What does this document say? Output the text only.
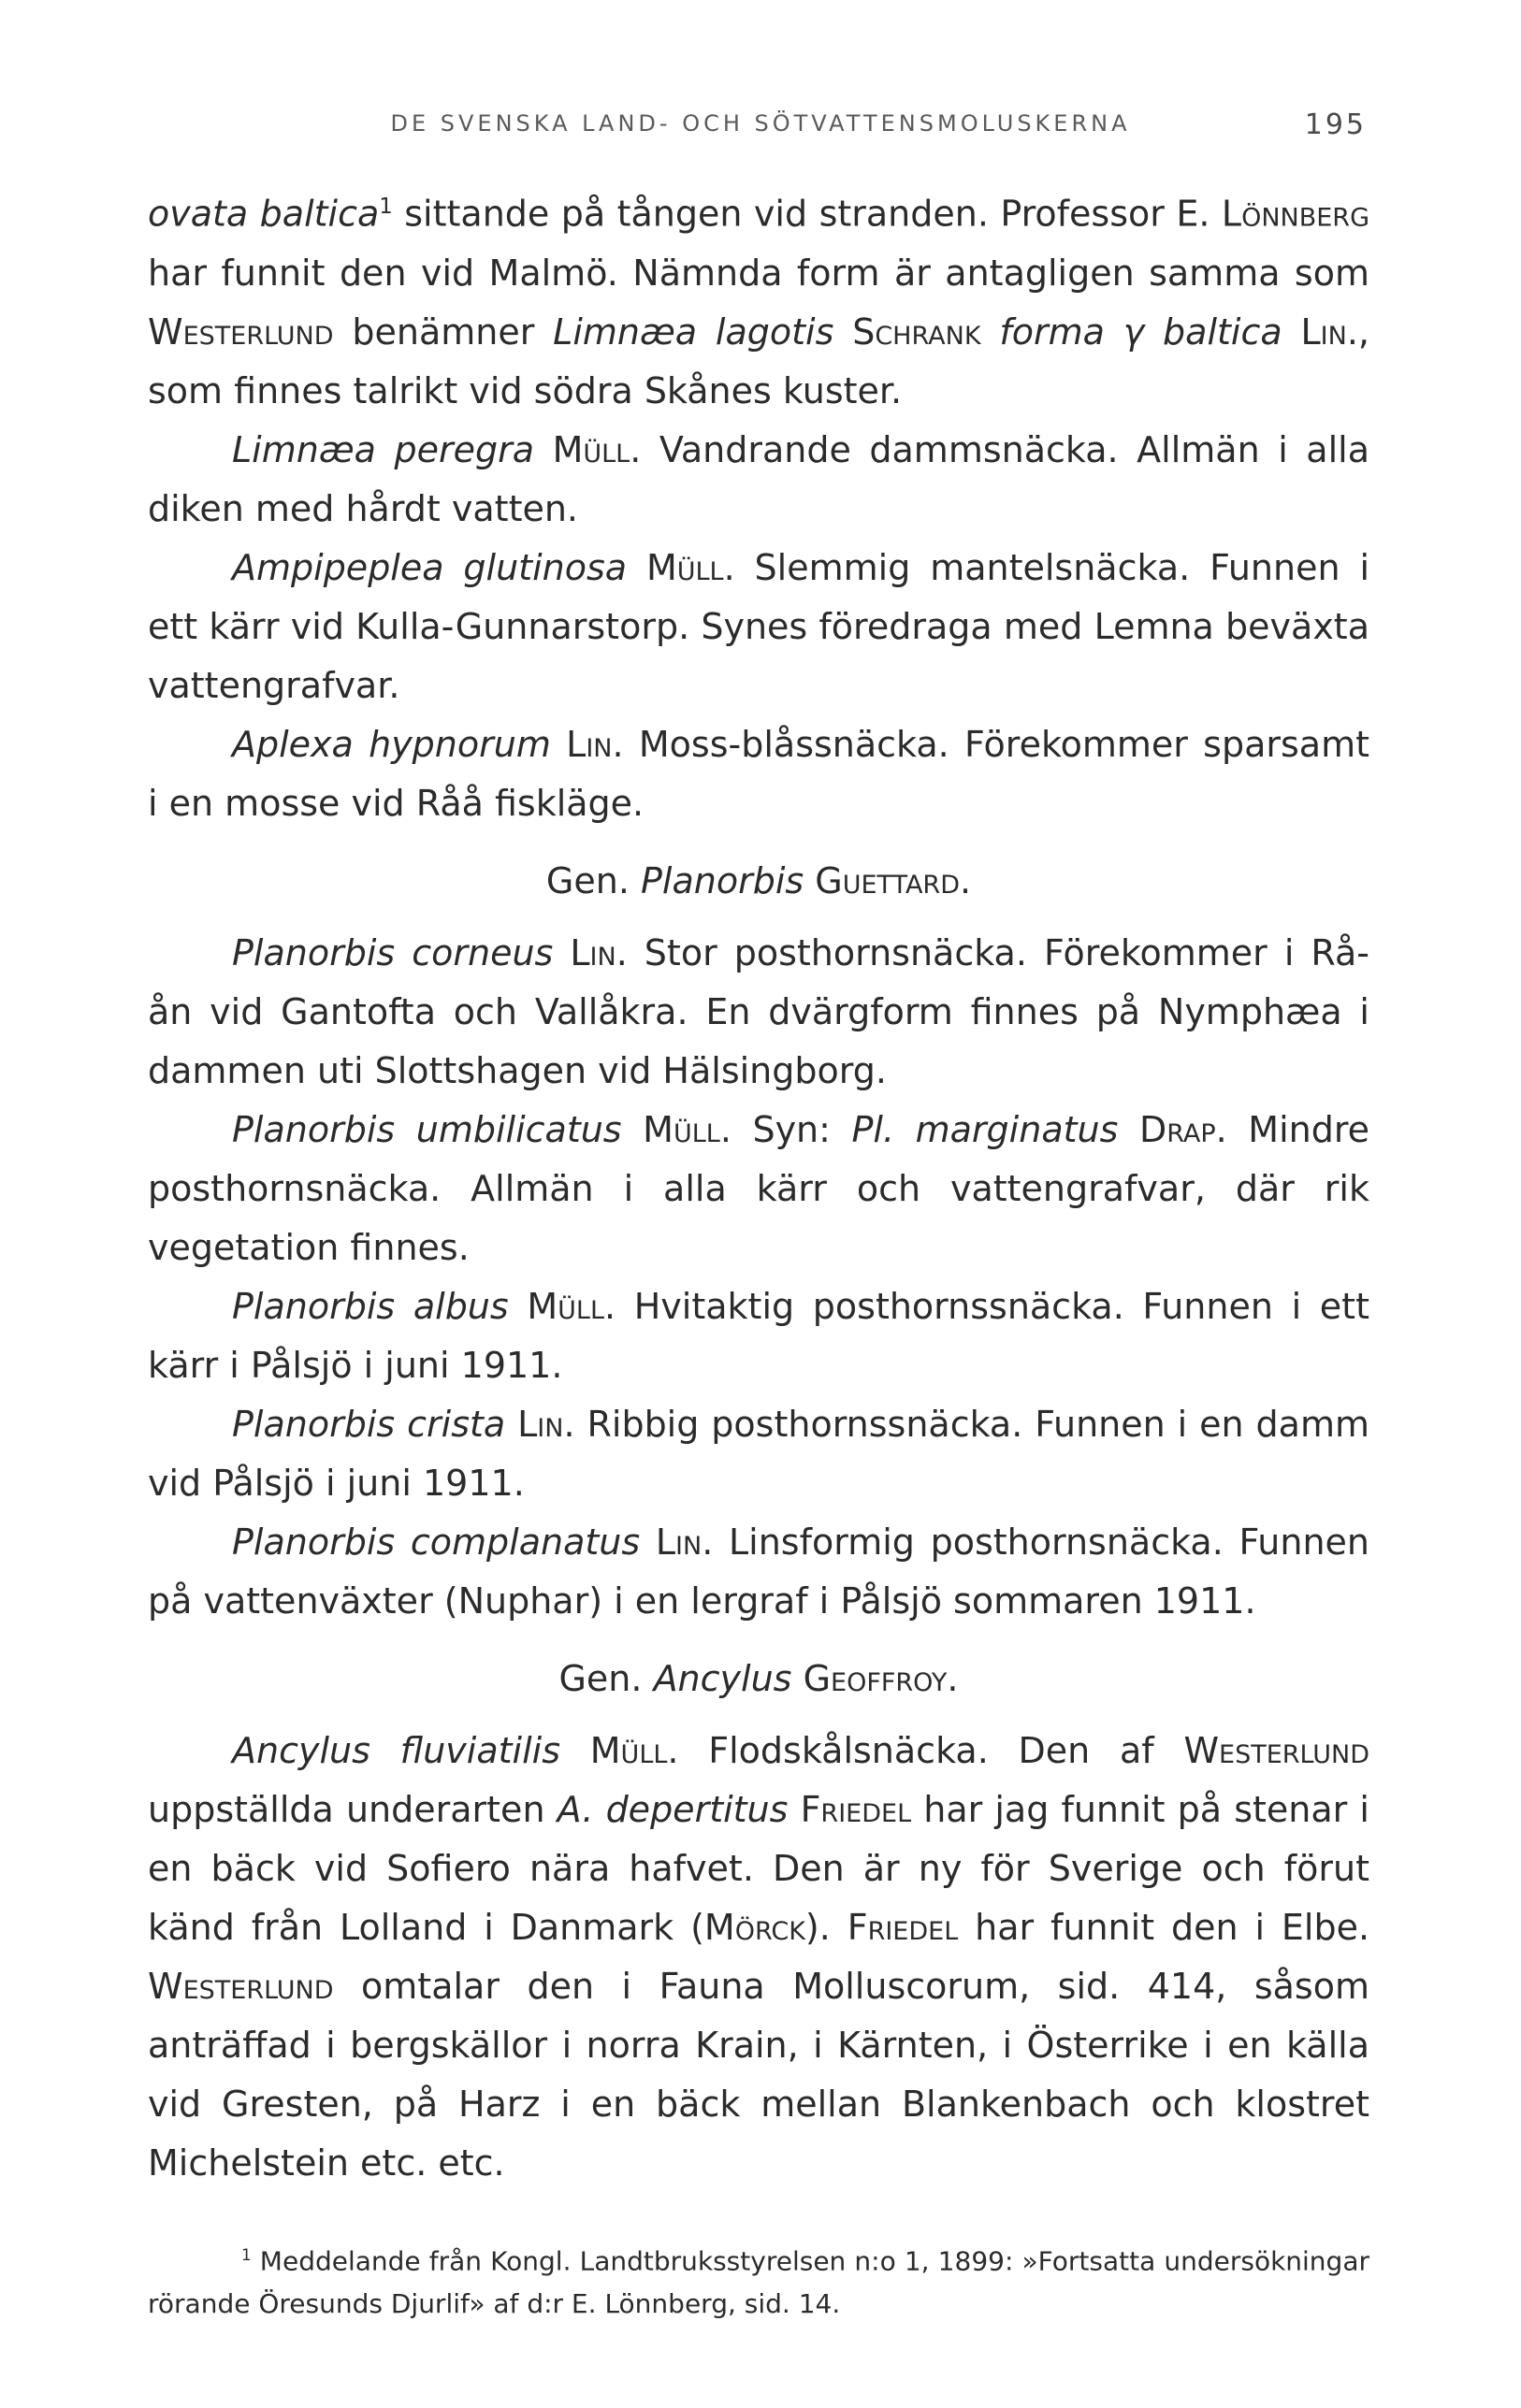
DE SVENSKA LAND- OCH SÖTVATTENSMOLUSKERNA	195

ovata baltica$^1$ sittande på tången vid stranden. Professor E. Lönnberg har funnit den vid Malmö. Nämnda form är antagligen samma som Westerlund benämner Limnæa lagotis Schrank forma γ baltica Lin., som finnes talrikt vid södra Skånes kuster.

Limnæa peregra Müll. Vandrande dammsnäcka. Allmän i alla diken med hårdt vatten.

Ampipeplea glutinosa Müll. Slemmig mantelsnäcka. Funnen i ett kärr vid Kulla-Gunnarstorp. Synes föredraga med Lemna beväxta vattengrafvar.

Aplexa hypnorum Lin. Moss-blåssnäcka. Förekommer sparsamt i en mosse vid Råå fiskläge.

Gen. Planorbis Guettard.

Planorbis corneus Lin. Stor posthornsnäcka. Förekommer i Rå-ån vid Gantofta och Vallåkra. En dvärgform finnes på Nymphæa i dammen uti Slottshagen vid Hälsingborg.

Planorbis umbilicatus Müll. Syn: Pl. marginatus Drap. Mindre posthornsnäcka. Allmän i alla kärr och vattengrafvar, där rik vegetation finnes.

Planorbis albus Müll. Hvitaktig posthornssnäcka. Funnen i ett kärr i Pålsjö i juni 1911.

Planorbis crista Lin. Ribbig posthornssnäcka. Funnen i en damm vid Pålsjö i juni 1911.

Planorbis complanatus Lin. Linsformig posthornsnäcka. Funnen på vattenväxter (Nuphar) i en lergraf i Pålsjö sommaren 1911.

Gen. Ancylus Geoffroy.

Ancylus fluviatilis Müll. Flodskålsnäcka. Den af Westerlund uppställda underarten A. depertitus Friedel har jag funnit på stenar i en bäck vid Sofiero nära hafvet. Den är ny för Sverige och förut känd från Lolland i Danmark (Mörck). Friedel har funnit den i Elbe. Westerlund omtalar den i Fauna Molluscorum, sid. 414, såsom anträffad i bergskällor i norra Krain, i Kärnten, i Österrike i en källa vid Gresten, på Harz i en bäck mellan Blankenbach och klostret Michelstein etc. etc.

$^1$ Meddelande från Kongl. Landtbruksstyrelsen n:o 1, 1899: »Fortsatta undersökningar rörande Öresunds Djurlif» af d:r E. Lönnberg, sid. 14.
